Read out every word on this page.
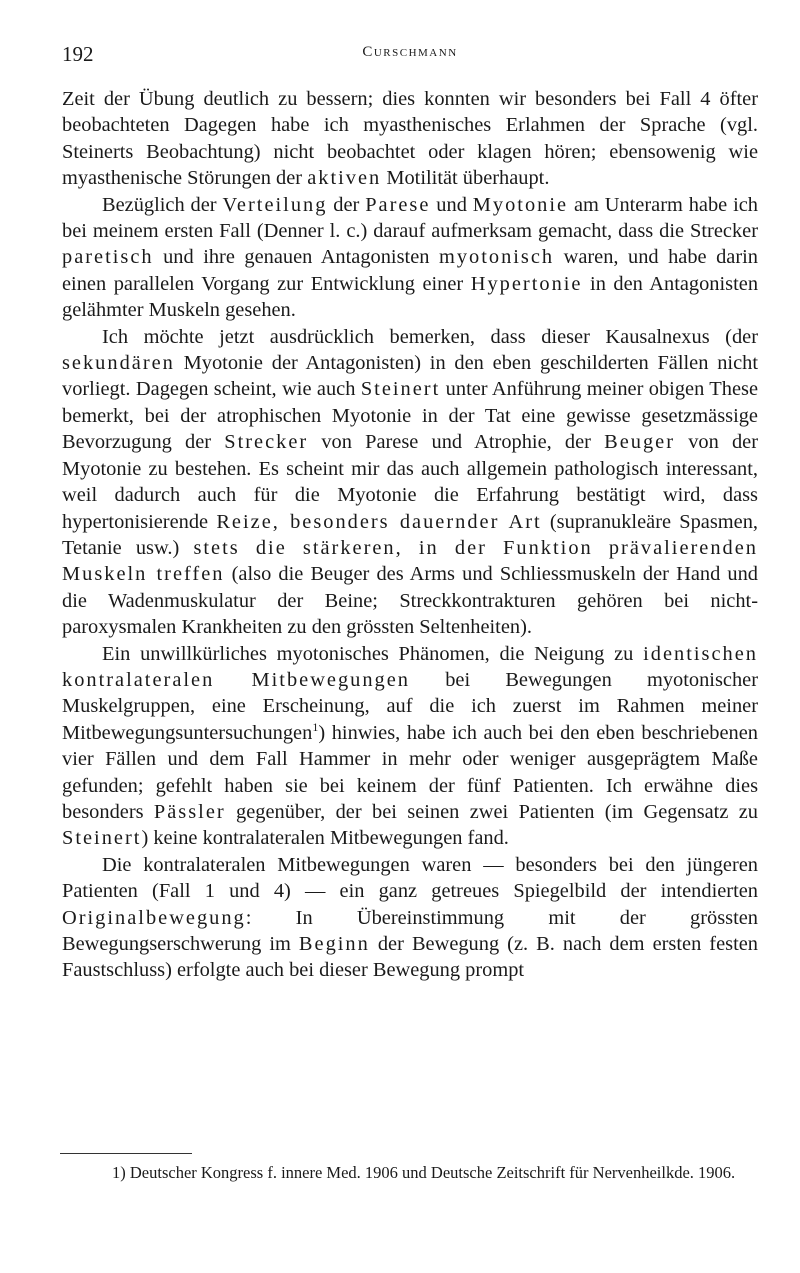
192	Curschmann

Zeit der Übung deutlich zu bessern; dies konnten wir besonders bei Fall 4 öfter beobachteten Dagegen habe ich myasthenisches Erlahmen der Sprache (vgl. Steinerts Beobachtung) nicht beobachtet oder klagen hören; ebensowenig wie myasthenische Störungen der aktiven Motilität überhaupt.

Bezüglich der Verteilung der Parese und Myotonie am Unterarm habe ich bei meinem ersten Fall (Denner l. c.) darauf aufmerksam gemacht, dass die Strecker paretisch und ihre genauen Antagonisten myotonisch waren, und habe darin einen parallelen Vorgang zur Entwicklung einer Hypertonie in den Antagonisten gelähmter Muskeln gesehen.

Ich möchte jetzt ausdrücklich bemerken, dass dieser Kausalnexus (der sekundären Myotonie der Antagonisten) in den eben geschilderten Fällen nicht vorliegt. Dagegen scheint, wie auch Steinert unter Anführung meiner obigen These bemerkt, bei der atrophischen Myotonie in der Tat eine gewisse gesetzmässige Bevorzugung der Strecker von Parese und Atrophie, der Beuger von der Myotonie zu bestehen. Es scheint mir das auch allgemein pathologisch interessant, weil dadurch auch für die Myotonie die Erfahrung bestätigt wird, dass hypertonisierende Reize, besonders dauernder Art (supranukleäre Spasmen, Tetanie usw.) stets die stärkeren, in der Funktion prävalierenden Muskeln treffen (also die Beuger des Arms und Schliessmuskeln der Hand und die Wadenmuskulatur der Beine; Streckkontrakturen gehören bei nicht-paroxysmalen Krankheiten zu den grössten Seltenheiten).

Ein unwillkürliches myotonisches Phänomen, die Neigung zu identischen kontralateralen Mitbewegungen bei Bewegungen myotonischer Muskelgruppen, eine Erscheinung, auf die ich zuerst im Rahmen meiner Mitbewegungsuntersuchungen$^1$) hinwies, habe ich auch bei den eben beschriebenen vier Fällen und dem Fall Hammer in mehr oder weniger ausgeprägtem Maße gefunden; gefehlt haben sie bei keinem der fünf Patienten. Ich erwähne dies besonders Pässler gegenüber, der bei seinen zwei Patienten (im Gegensatz zu Steinert) keine kontralateralen Mitbewegungen fand.

Die kontralateralen Mitbewegungen waren — besonders bei den jüngeren Patienten (Fall 1 und 4) — ein ganz getreues Spiegelbild der intendierten Originalbewegung: In Übereinstimmung mit der grössten Bewegungserschwerung im Beginn der Bewegung (z. B. nach dem ersten festen Faustschluss) erfolgte auch bei dieser Bewegung prompt

1) Deutscher Kongress f. innere Med. 1906 und Deutsche Zeitschrift für Nervenheilkde. 1906.
